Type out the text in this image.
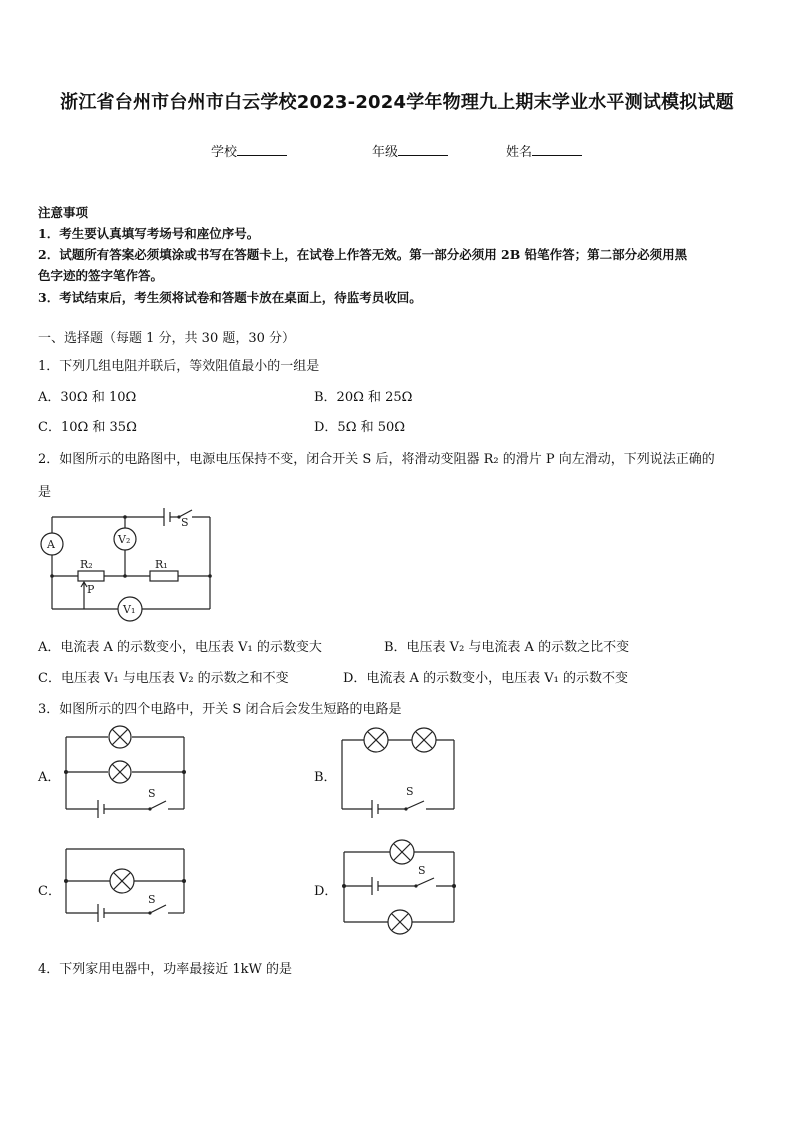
浙江省台州市台州市白云学校2023-2024学年物理九上期末学业水平测试模拟试题
学校	年级	姓名
注意事项
1．考生要认真填写考场号和座位序号。
2．试题所有答案必须填涂或书写在答题卡上，在试卷上作答无效。第一部分必须用 2B 铅笔作答；第二部分必须用黑
色字迹的签字笔作答。
3．考试结束后，考生须将试卷和答题卡放在桌面上，待监考员收回。
一、选择题（每题 1 分，共 30 题，30 分）
1．下列几组电阻并联后，等效阻值最小的一组是
A．30Ω 和 10Ω	B．20Ω 和 25Ω
C．10Ω 和 35Ω	D．5Ω 和 50Ω
2．如图所示的电路图中，电源电压保持不变，闭合开关 S 后，将滑动变阻器 R₂ 的滑片 P 向左滑动，下列说法正确的
是
S
A
R₂	R₁
V₂
P
V₁
A．电流表 A 的示数变小，电压表 V₁ 的示数变大	B．电压表 V₂ 与电流表 A 的示数之比不变
C．电压表 V₁ 与电压表 V₂ 的示数之和不变	D．电流表 A 的示数变小，电压表 V₁ 的示数不变
3．如图所示的四个电路中，开关 S 闭合后会发生短路的电路是
A．
S
B．
S
C．
S
D．
S
4．下列家用电器中，功率最接近 1kW 的是
